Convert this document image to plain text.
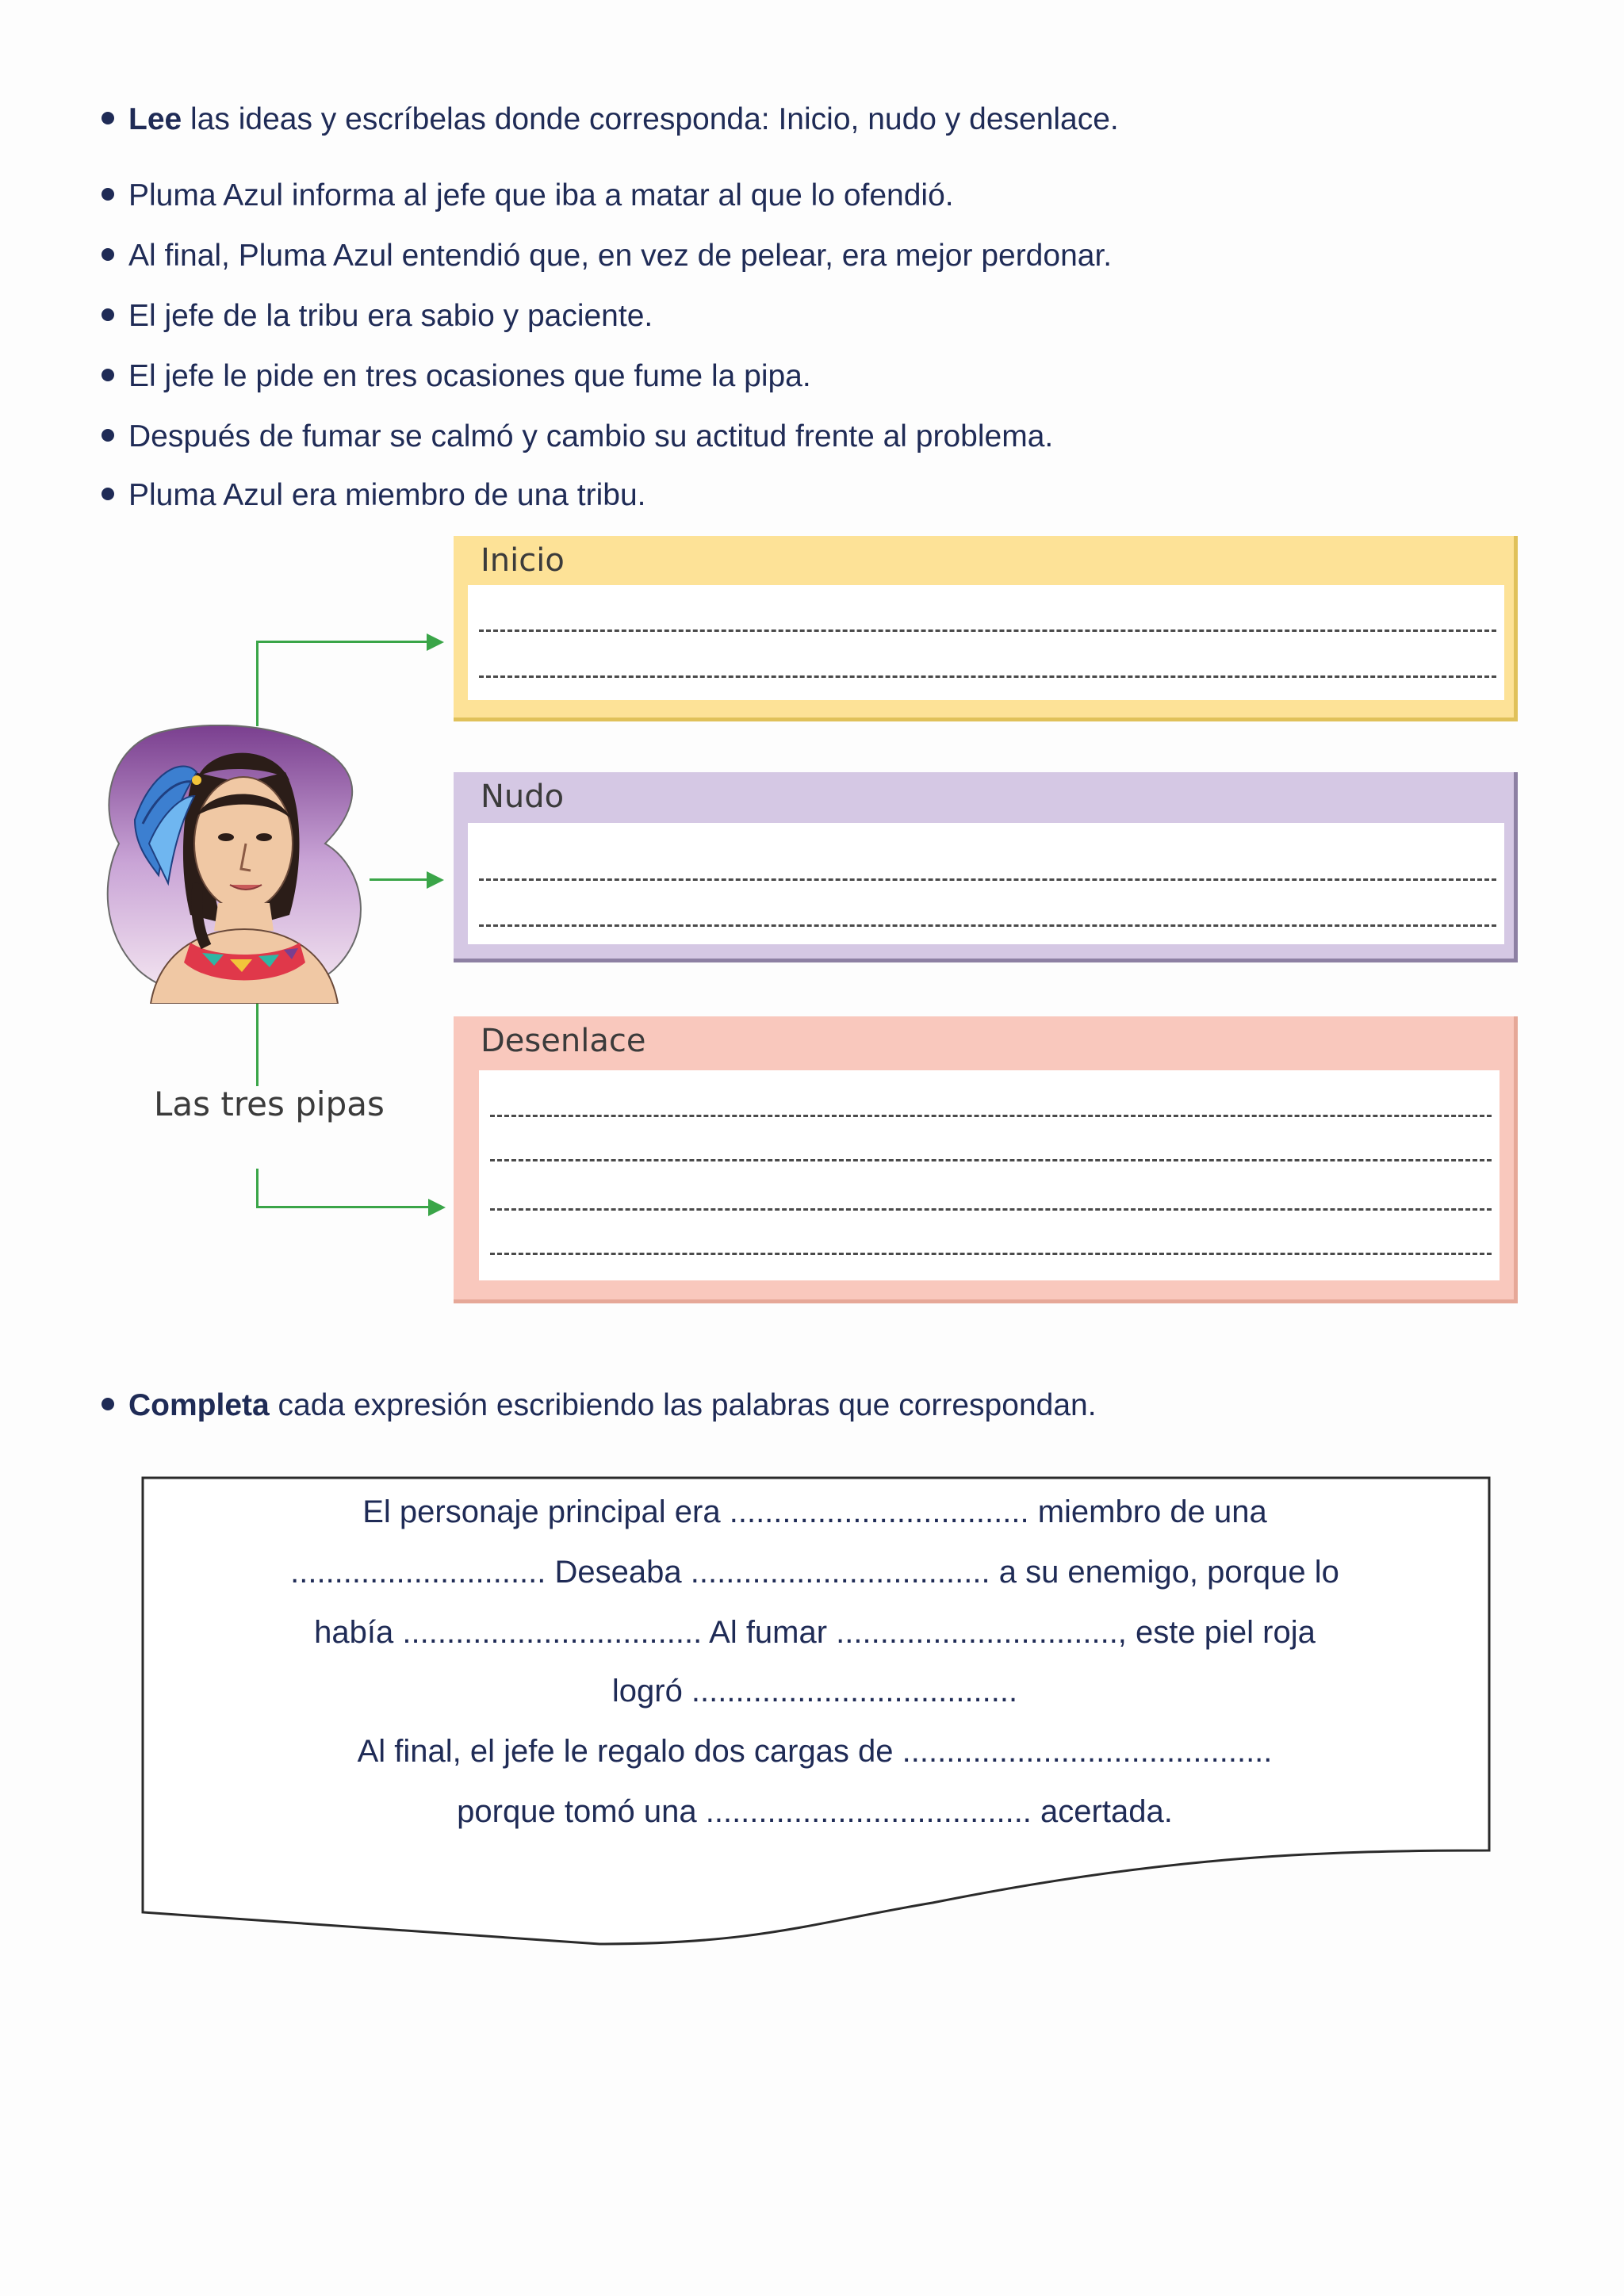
Lee las ideas y escríbelas donde corresponda: Inicio, nudo y desenlace.
Pluma Azul informa al jefe que iba a matar al que lo ofendió.
Al final, Pluma Azul entendió que, en vez de pelear, era mejor perdonar.
El jefe de la tribu era sabio y paciente.
El jefe le pide en tres ocasiones que fume la pipa.
Después de fumar se calmó y cambio su actitud frente al problema.
Pluma Azul era miembro de una tribu.
Inicio
Nudo
Desenlace
Las tres pipas
Completa cada expresión escribiendo las palabras que correspondan.
El personaje principal era .................................. miembro de una
............................. Deseaba .................................. a su enemigo, porque lo
había .................................. Al fumar ................................, este piel roja
logró .....................................
Al final, el jefe le regalo dos cargas de ..........................................
porque tomó una ..................................... acertada.
